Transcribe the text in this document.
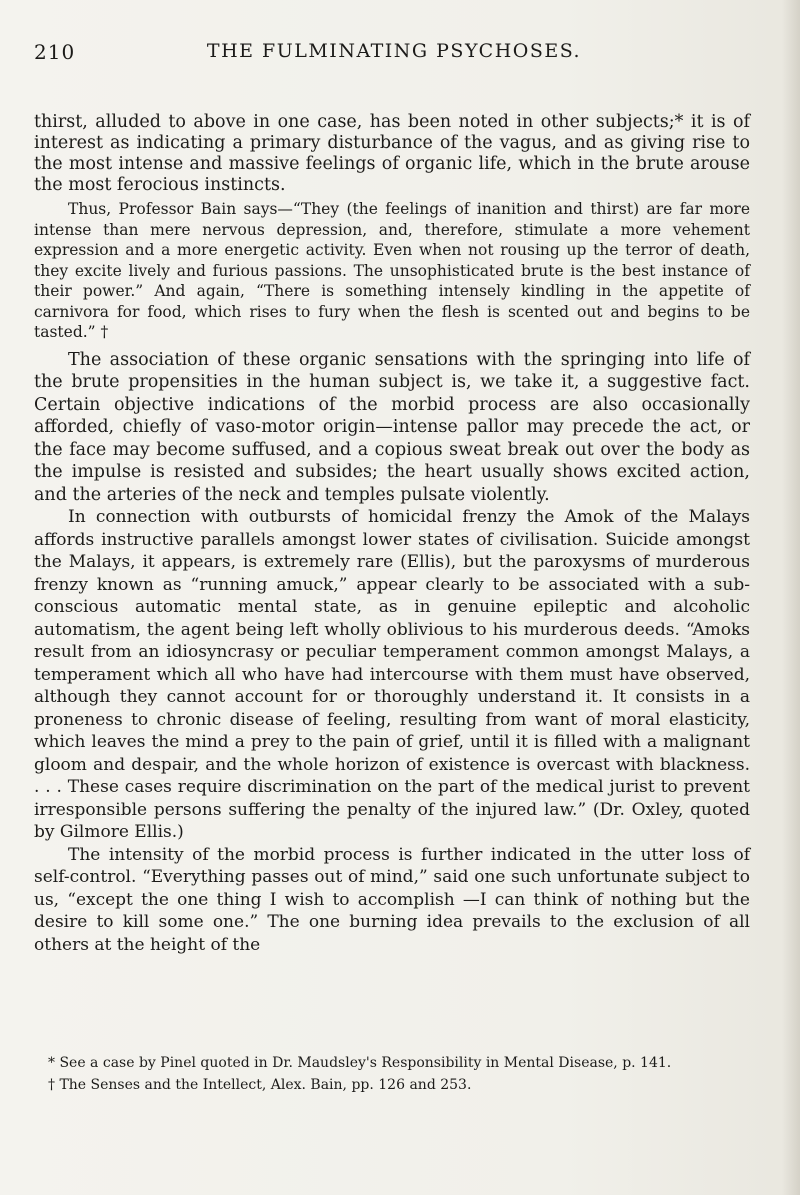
210	THE FULMINATING PSYCHOSES.

thirst, alluded to above in one case, has been noted in other subjects;* it is of interest as indicating a primary disturbance of the vagus, and as giving rise to the most intense and massive feelings of organic life, which in the brute arouse the most ferocious instincts.

Thus, Professor Bain says—“They (the feelings of inanition and thirst) are far more intense than mere nervous depression, and, therefore, stimulate a more vehement expression and a more energetic activity. Even when not rousing up the terror of death, they excite lively and furious passions. The unsophisticated brute is the best instance of their power.” And again, “There is something intensely kindling in the appetite of carnivora for food, which rises to fury when the flesh is scented out and begins to be tasted.” †

The association of these organic sensations with the springing into life of the brute propensities in the human subject is, we take it, a suggestive fact. Certain objective indications of the morbid process are also occasionally afforded, chiefly of vaso-motor origin—intense pallor may precede the act, or the face may become suffused, and a copious sweat break out over the body as the impulse is resisted and subsides; the heart usually shows excited action, and the arteries of the neck and temples pulsate violently.

In connection with outbursts of homicidal frenzy the Amok of the Malays affords instructive parallels amongst lower states of civilisation. Suicide amongst the Malays, it appears, is extremely rare (Ellis), but the paroxysms of murderous frenzy known as “running amuck,” appear clearly to be associated with a sub-conscious automatic mental state, as in genuine epileptic and alcoholic automatism, the agent being left wholly oblivious to his murderous deeds. “Amoks result from an idiosyncrasy or peculiar temperament common amongst Malays, a temperament which all who have had intercourse with them must have observed, although they cannot account for or thoroughly understand it. It consists in a proneness to chronic disease of feeling, resulting from want of moral elasticity, which leaves the mind a prey to the pain of grief, until it is filled with a malignant gloom and despair, and the whole horizon of existence is overcast with blackness. . . . These cases require discrimination on the part of the medical jurist to prevent irresponsible persons suffering the penalty of the injured law.” (Dr. Oxley, quoted by Gilmore Ellis.)

The intensity of the morbid process is further indicated in the utter loss of self-control. “Everything passes out of mind,” said one such unfortunate subject to us, “except the one thing I wish to accomplish —I can think of nothing but the desire to kill some one.” The one burning idea prevails to the exclusion of all others at the height of the

* See a case by Pinel quoted in Dr. Maudsley's Responsibility in Mental Disease, p. 141.

† The Senses and the Intellect, Alex. Bain, pp. 126 and 253.
